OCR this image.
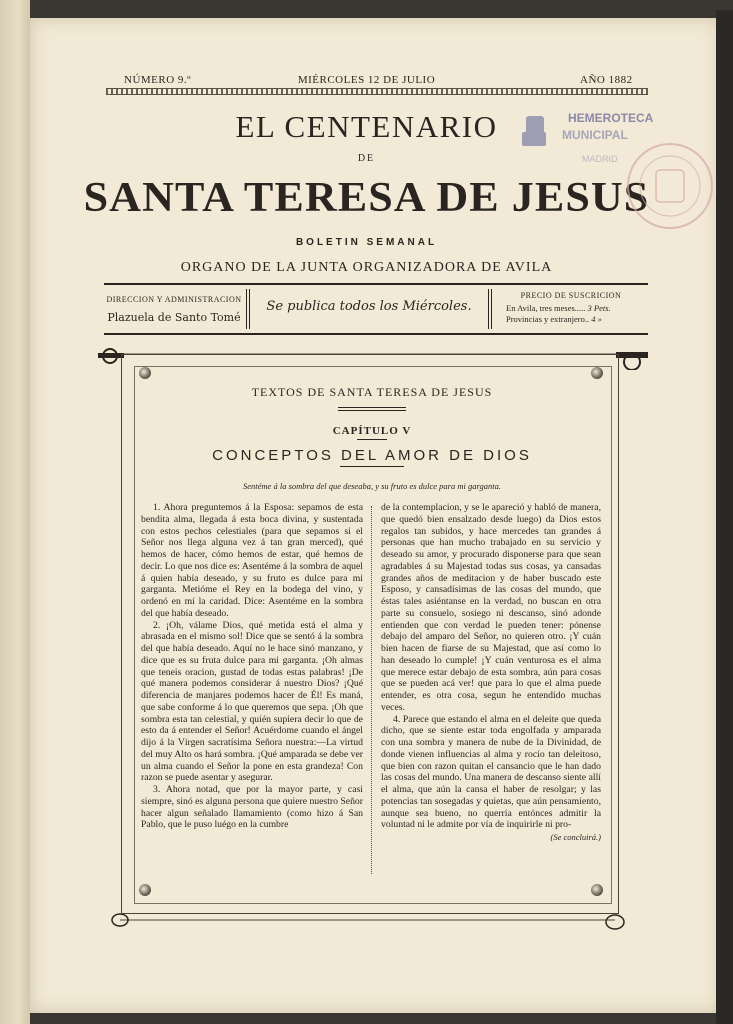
NÚMERO 9.º	MIÉRCOLES 12 DE JULIO	AÑO 1882
EL CENTENARIO
DE
SANTA TERESA DE JESUS
BOLETIN SEMANAL
ORGANO DE LA JUNTA ORGANIZADORA DE AVILA
HEMEROTECA
MUNICIPAL
MADRID
DIRECCION Y ADMINISTRACION
Plazuela de Santo Tomé
Se publica todos los Miércoles.
PRECIO DE SUSCRICION
En Avila, tres meses..... 3 Pets.
Provincias y extranjero.. 4 »
TEXTOS DE SANTA TERESA DE JESUS
CAPÍTULO V
CONCEPTOS DEL AMOR DE DIOS
Sentéme á la sombra del que deseaba, y su fruto es dulce para mi garganta.

1. Ahora preguntemos á la Esposa: sepamos de esta bendita alma, llegada á esta boca divina, y sustentada con estos pechos celestiales (para que sepamos si el Señor nos llega alguna vez á tan gran merced), qué hemos de hacer, cómo hemos de estar, qué hemos de decir. Lo que nos dice es: Asentéme á la sombra de aquel á quien había deseado, y su fruto es dulce para mi garganta. Metióme el Rey en la bodega del vino, y ordenó en mí la caridad. Dice: Asentéme en la sombra del que había deseado.

2. ¡Oh, válame Dios, qué metida está el alma y abrasada en el mismo sol! Dice que se sentó á la sombra del que había deseado. Aquí no le hace sinó manzano, y dice que es su fruta dulce para mi garganta. ¡Oh almas que teneis oracion, gustad de todas estas palabras! ¡De qué manera podemos considerar á nuestro Dios? ¡Qué diferencia de manjares podemos hacer de Él! Es maná, que sabe conforme á lo que queremos que sepa. ¡Oh que sombra esta tan celestial, y quién supiera decir lo que de esto da á entender el Señor! Acuérdome cuando el ángel dijo á la Vírgen sacratísima Señora nuestra:—La virtud del muy Alto os hará sombra. ¡Qué amparada se debe ver un alma cuando el Señor la pone en esta grandeza! Con razon se puede asentar y asegurar.

3. Ahora notad, que por la mayor parte, y casi siempre, sinó es alguna persona que quiere nuestro Señor hacer algun señalado llamamiento (como hizo á San Pablo, que le puso luégo en la cumbre

de la contemplacion, y se le apareció y habló de manera, que quedó bien ensalzado desde luego) da Dios estos regalos tan subidos, y hace mercedes tan grandes á personas que han mucho trabajado en su servicio y deseado su amor, y procurado disponerse para que sean agradables á su Majestad todas sus cosas, ya cansadas grandes años de meditacion y de haber buscado este Esposo, y cansadísimas de las cosas del mundo, que éstas tales asiéntanse en la verdad, no buscan en otra parte su consuelo, sosiego ni descanso, sinó adonde entienden que con verdad le pueden tener: pónense debajo del amparo del Señor, no quieren otro. ¡Y cuán bien hacen de fiarse de su Majestad, que así como lo han deseado lo cumple! ¡Y cuán venturosa es el alma que merece estar debajo de esta sombra, aún para cosas que se pueden acá ver! que para lo que el alma puede entender, es otra cosa, segun he entendido muchas veces.

4. Parece que estando el alma en el deleite que queda dicho, que se siente estar toda engolfada y amparada con una sombra y manera de nube de la Divinidad, de donde vienen influencias al alma y rocío tan deleitoso, que bien con razon quitan el cansancio que le han dado las cosas del mundo. Una manera de descanso siente allí el alma, que aún la cansa el haber de resolgar; y las potencias tan sosegadas y quietas, que aún pensamiento, aunque sea bueno, no querría entónces admitir la voluntad ni le admite por vía de inquirirle ni pro-

(Se concluirá.)
